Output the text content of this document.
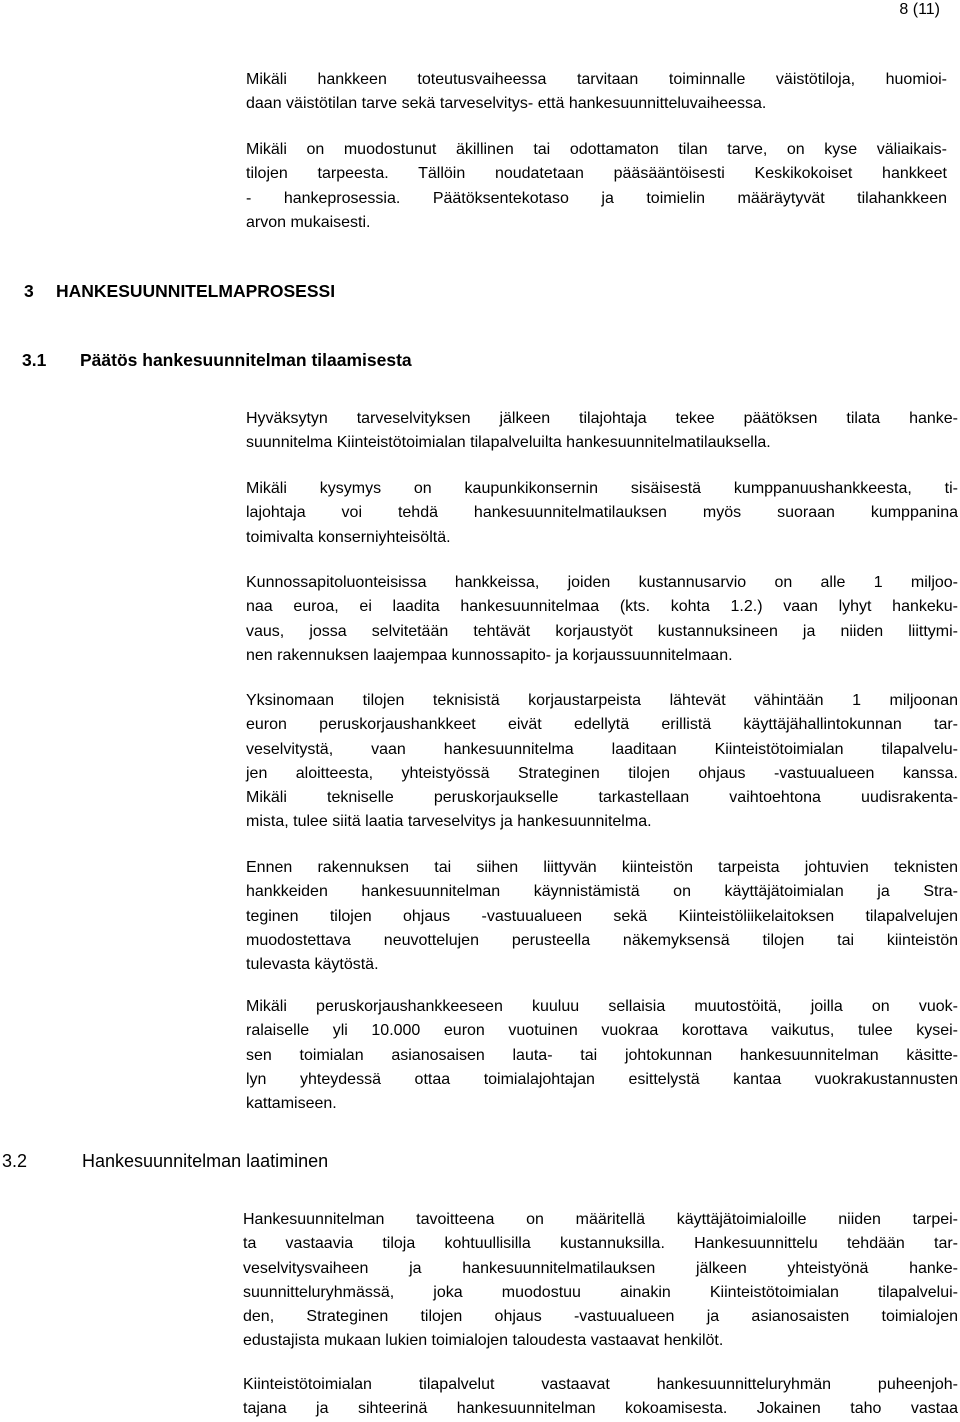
8 (11)
Mikäli hankkeen toteutusvaiheessa tarvitaan toiminnalle väistötiloja, huomioi-
daan väistötilan tarve sekä tarveselvitys- että hankesuunnitteluvaiheessa.
Mikäli on muodostunut äkillinen tai odottamaton tilan tarve, on kyse väliaikais-
tilojen tarpeesta. Tällöin noudatetaan pääsääntöisesti Keskikokoiset hankkeet
- hankeprosessia. Päätöksentekotaso ja toimielin määräytyvät tilahankkeen
arvon mukaisesti.
3 HANKESUUNNITELMAPROSESSI
3.1 Päätös hankesuunnitelman tilaamisesta
Hyväksytyn tarveselvityksen jälkeen tilajohtaja tekee päätöksen tilata hanke-
suunnitelma Kiinteistötoimialan tilapalveluilta hankesuunnitelmatilauksella.
Mikäli kysymys on kaupunkikonsernin sisäisestä kumppanuushankkeesta, ti-
lajohtaja voi tehdä hankesuunnitelmatilauksen myös suoraan kumppanina
toimivalta konserniyhteisöltä.
Kunnossapitoluonteisissa hankkeissa, joiden kustannusarvio on alle 1 miljoo-
naa euroa, ei laadita hankesuunnitelmaa (kts. kohta 1.2.) vaan lyhyt hankeku-
vaus, jossa selvitetään tehtävät korjaustyöt kustannuksineen ja niiden liittymi-
nen rakennuksen laajempaa kunnossapito- ja korjaussuunnitelmaan.
Yksinomaan tilojen teknisistä korjaustarpeista lähtevät vähintään 1 miljoonan
euron peruskorjaushankkeet eivät edellytä erillistä käyttäjähallintokunnan tar-
veselvitystä, vaan hankesuunnitelma laaditaan Kiinteistötoimialan tilapalvelu-
jen aloitteesta, yhteistyössä Strateginen tilojen ohjaus -vastuualueen kanssa.
Mikäli tekniselle peruskorjaukselle tarkastellaan vaihtoehtona uudisrakenta-
mista, tulee siitä laatia tarveselvitys ja hankesuunnitelma.
Ennen rakennuksen tai siihen liittyvän kiinteistön tarpeista johtuvien teknisten
hankkeiden hankesuunnitelman käynnistämistä on käyttäjätoimialan ja Stra-
teginen tilojen ohjaus -vastuualueen sekä Kiinteistöliikelaitoksen tilapalvelujen
muodostettava neuvottelujen perusteella näkemyksensä tilojen tai kiinteistön
tulevasta käytöstä.
Mikäli peruskorjaushankkeeseen kuuluu sellaisia muutostöitä, joilla on vuok-
ralaiselle yli 10.000 euron vuotuinen vuokraa korottava vaikutus, tulee kysei-
sen toimialan asianosaisen lauta- tai johtokunnan hankesuunnitelman käsitte-
lyn yhteydessä ottaa toimialajohtajan esittelystä kantaa vuokrakustannusten
kattamiseen.
3.2	Hankesuunnitelman laatiminen
Hankesuunnitelman tavoitteena on määritellä käyttäjätoimialoille niiden tarpei-
ta vastaavia tiloja kohtuullisilla kustannuksilla. Hankesuunnittelu tehdään tar-
veselvitysvaiheen ja hankesuunnitelmatilauksen jälkeen yhteistyönä hanke-
suunnitteluryhmässä, joka muodostuu ainakin Kiinteistötoimialan tilapalvelui-
den, Strateginen tilojen ohjaus -vastuualueen ja asianosaisten toimialojen
edustajista mukaan lukien toimialojen taloudesta vastaavat henkilöt.
Kiinteistötoimialan tilapalvelut vastaavat hankesuunnitteluryhmän puheenjoh-
tajana ja sihteerinä hankesuunnitelman kokoamisesta. Jokainen taho vastaa
